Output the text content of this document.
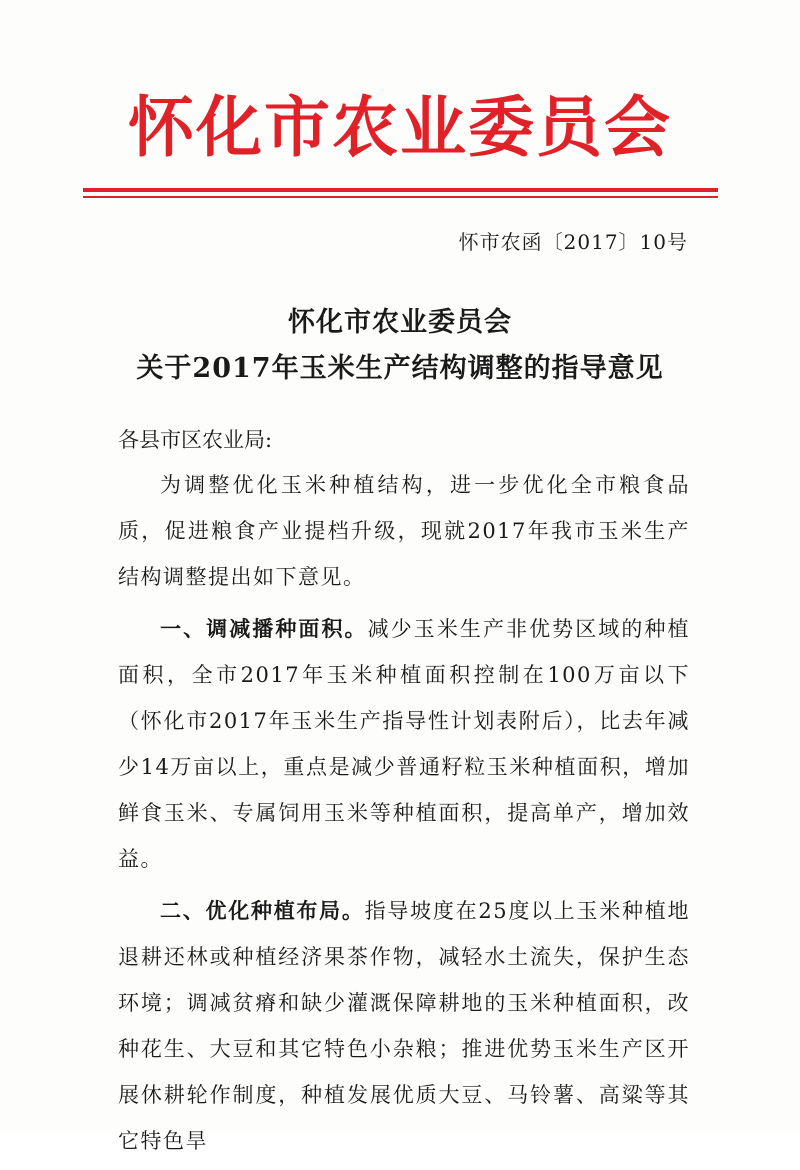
怀化市农业委员会
怀市农函〔2017〕10号
怀化市农业委员会
关于2017年玉米生产结构调整的指导意见
各县市区农业局:

为调整优化玉米种植结构，进一步优化全市粮食品质，促进粮食产业提档升级，现就2017年我市玉米生产结构调整提出如下意见。

一、调减播种面积。减少玉米生产非优势区域的种植面积，全市2017年玉米种植面积控制在100万亩以下（怀化市2017年玉米生产指导性计划表附后），比去年减少14万亩以上，重点是减少普通籽粒玉米种植面积，增加鲜食玉米、专属饲用玉米等种植面积，提高单产，增加效益。

二、优化种植布局。指导坡度在25度以上玉米种植地退耕还林或种植经济果茶作物，减轻水土流失，保护生态环境；调减贫瘠和缺少灌溉保障耕地的玉米种植面积，改种花生、大豆和其它特色小杂粮；推进优势玉米生产区开展休耕轮作制度，种植发展优质大豆、马铃薯、高粱等其它特色旱
